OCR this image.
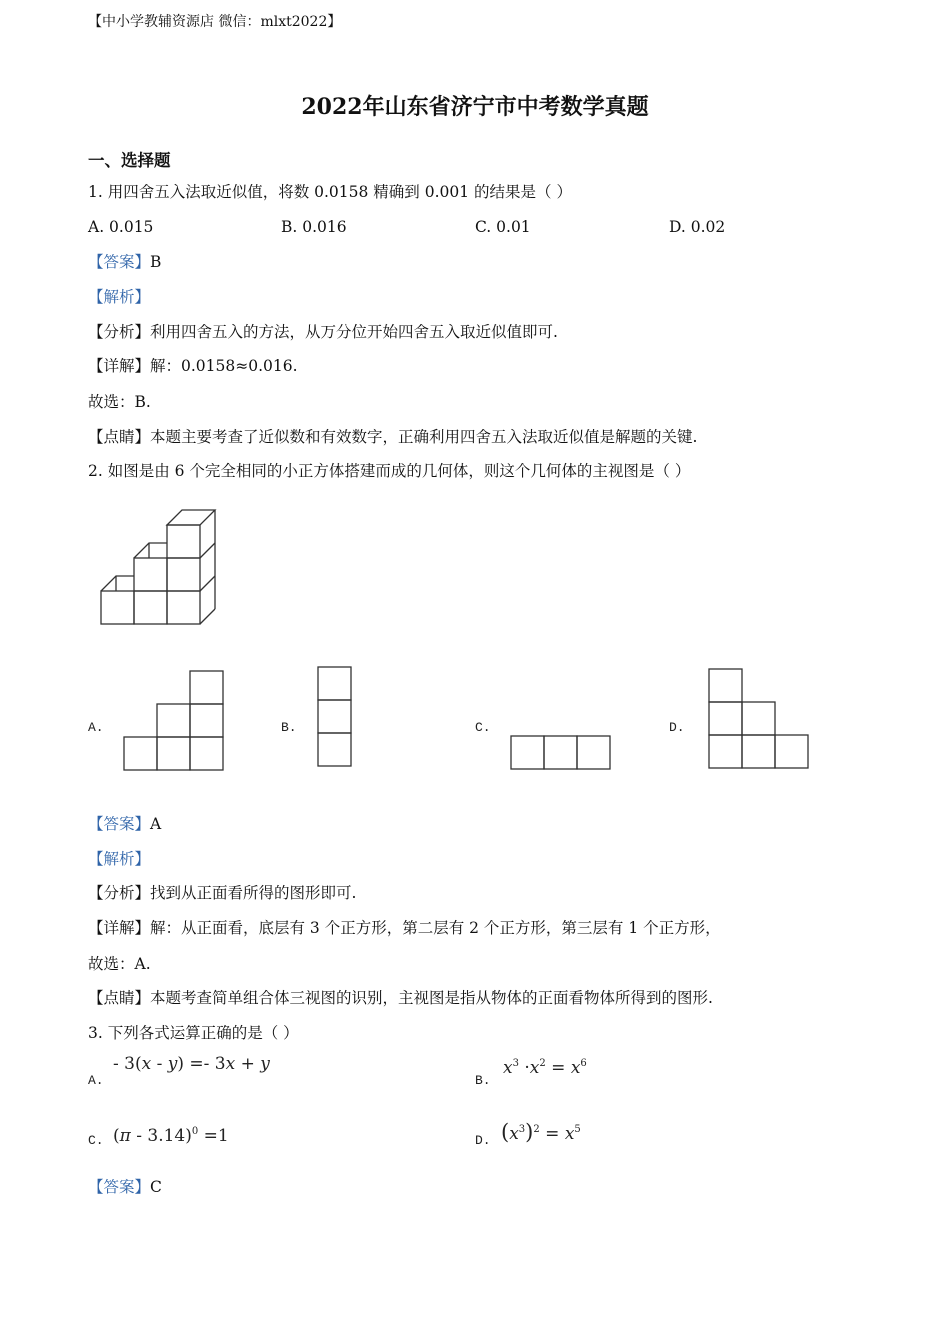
【中小学教辅资源店 微信：mlxt2022】
2022年山东省济宁市中考数学真题
一、选择题
1. 用四舍五入法取近似值，将数 0.0158 精确到 0.001 的结果是（ ）
A. 0.015	B. 0.016	C. 0.01	D. 0.02
【答案】B
【解析】
【分析】利用四舍五入的方法，从万分位开始四舍五入取近似值即可.
【详解】解：0.0158≈0.016.
故选：B.
【点睛】本题主要考查了近似数和有效数字，正确利用四舍五入法取近似值是解题的关键.
2. 如图是由 6 个完全相同的小正方体搭建而成的几何体，则这个几何体的主视图是（ ）
A.	B.	C.	D.
【答案】A
【解析】
【分析】找到从正面看所得的图形即可.
【详解】解：从正面看，底层有 3 个正方形，第二层有 2 个正方形，第三层有 1 个正方形，
故选：A.
【点睛】本题考查简单组合体三视图的识别，主视图是指从物体的正面看物体所得到的图形.
3. 下列各式运算正确的是（ ）
A.
- 3(x - y) =- 3x + y
B.
$x^3 \cdot x^2 = x^6$
C. (π - 3.14)$^0$ =1	D. $(x^3)^2 = x^5$
【答案】C
